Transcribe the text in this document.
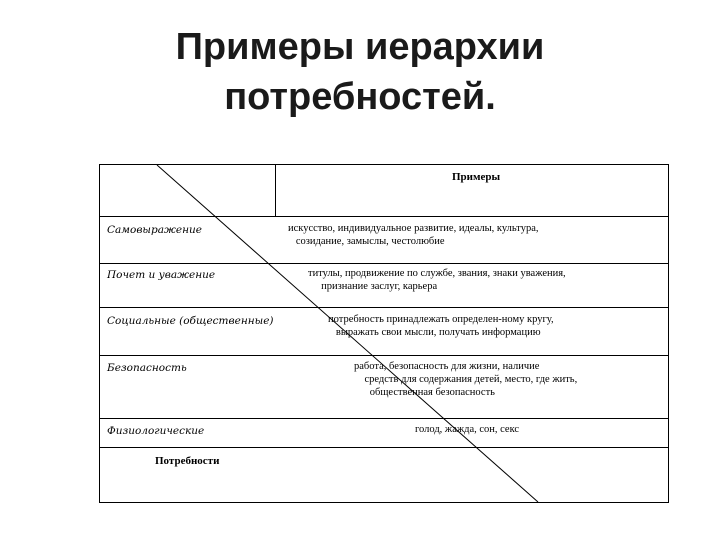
Примеры иерархии
потребностей.
Примеры
Самовыражение	искусство, индивидуальное развитие, идеалы, культура,
созидание, замыслы, честолюбие
Почет и уважение	титулы, продвижение по службе, звания, знаки уважения,
признание заслуг, карьера
Социальные (общественные)	потребность принадлежать определен-ному кругу,
выражать свои мысли, получать информацию
Безопасность	работа, безопасность для жизни, наличие
средств для содержания детей, место, где жить,
общественная безопасность
Физиологические	голод, жажда, сон, секс
Потребности
